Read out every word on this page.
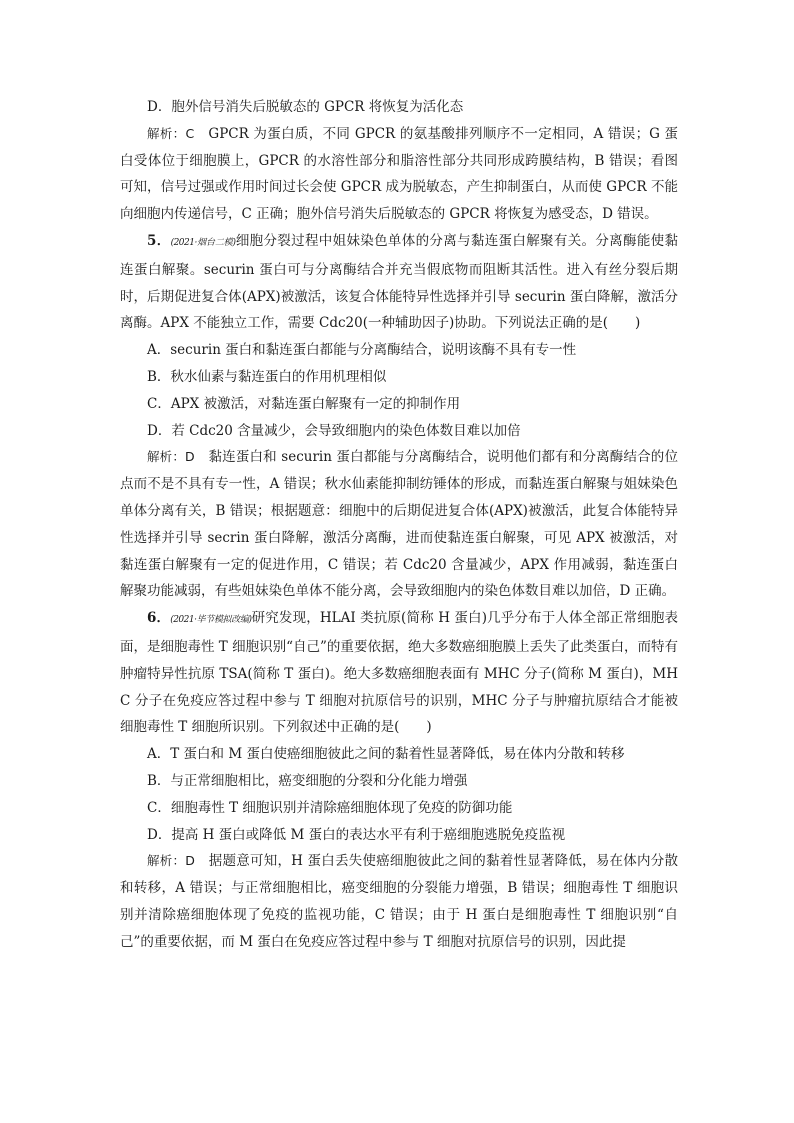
D．胞外信号消失后脱敏态的 GPCR 将恢复为活化态

解析：C　 GPCR 为蛋白质，不同 GPCR 的氨基酸排列顺序不一定相同，A 错误；G 蛋白受体位于细胞膜上，GPCR 的水溶性部分和脂溶性部分共同形成跨膜结构，B 错误；看图可知，信号过强或作用时间过长会使 GPCR 成为脱敏态，产生抑制蛋白，从而使 GPCR 不能向细胞内传递信号，C 正确；胞外信号消失后脱敏态的 GPCR 将恢复为感受态，D 错误。

5．(2021·烟台二模)细胞分裂过程中姐妹染色单体的分离与黏连蛋白解聚有关。分离酶能使黏连蛋白解聚。securin 蛋白可与分离酶结合并充当假底物而阻断其活性。进入有丝分裂后期时，后期促进复合体(APX)被激活，该复合体能特异性选择并引导 securin 蛋白降解，激活分离酶。APX 不能独立工作，需要 Cdc20(一种辅助因子)协助。下列说法正确的是(　　)

A．securin 蛋白和黏连蛋白都能与分离酶结合，说明该酶不具有专一性

B．秋水仙素与黏连蛋白的作用机理相似

C．APX 被激活，对黏连蛋白解聚有一定的抑制作用

D．若 Cdc20 含量减少，会导致细胞内的染色体数目难以加倍

解析：D　 黏连蛋白和 securin 蛋白都能与分离酶结合，说明他们都有和分离酶结合的位点而不是不具有专一性，A 错误；秋水仙素能抑制纺锤体的形成，而黏连蛋白解聚与姐妹染色单体分离有关，B 错误；根据题意：细胞中的后期促进复合体(APX)被激活，此复合体能特异性选择并引导 secrin 蛋白降解，激活分离酶，进而使黏连蛋白解聚，可见 APX 被激活，对黏连蛋白解聚有一定的促进作用，C 错误；若 Cdc20 含量减少，APX 作用减弱，黏连蛋白解聚功能减弱，有些姐妹染色单体不能分离，会导致细胞内的染色体数目难以加倍，D 正确。

6．(2021·毕节模拟改编)研究发现，HLAI 类抗原(简称 H 蛋白)几乎分布于人体全部正常细胞表面，是细胞毒性 T 细胞识别“自己”的重要依据，绝大多数癌细胞膜上丢失了此类蛋白，而特有肿瘤特异性抗原 TSA(简称 T 蛋白)。绝大多数癌细胞表面有 MHC 分子(简称 M 蛋白)，MHC 分子在免疫应答过程中参与 T 细胞对抗原信号的识别，MHC 分子与肿瘤抗原结合才能被细胞毒性 T 细胞所识别。下列叙述中正确的是(　　)

A．T 蛋白和 M 蛋白使癌细胞彼此之间的黏着性显著降低，易在体内分散和转移

B．与正常细胞相比，癌变细胞的分裂和分化能力增强

C．细胞毒性 T 细胞识别并清除癌细胞体现了免疫的防御功能

D．提高 H 蛋白或降低 M 蛋白的表达水平有利于癌细胞逃脱免疫监视

解析：D　 据题意可知，H 蛋白丢失使癌细胞彼此之间的黏着性显著降低，易在体内分散和转移，A 错误；与正常细胞相比，癌变细胞的分裂能力增强，B 错误；细胞毒性 T 细胞识别并清除癌细胞体现了免疫的监视功能，C 错误；由于 H 蛋白是细胞毒性 T 细胞识别“自己”的重要依据，而 M 蛋白在免疫应答过程中参与 T 细胞对抗原信号的识别，因此提
